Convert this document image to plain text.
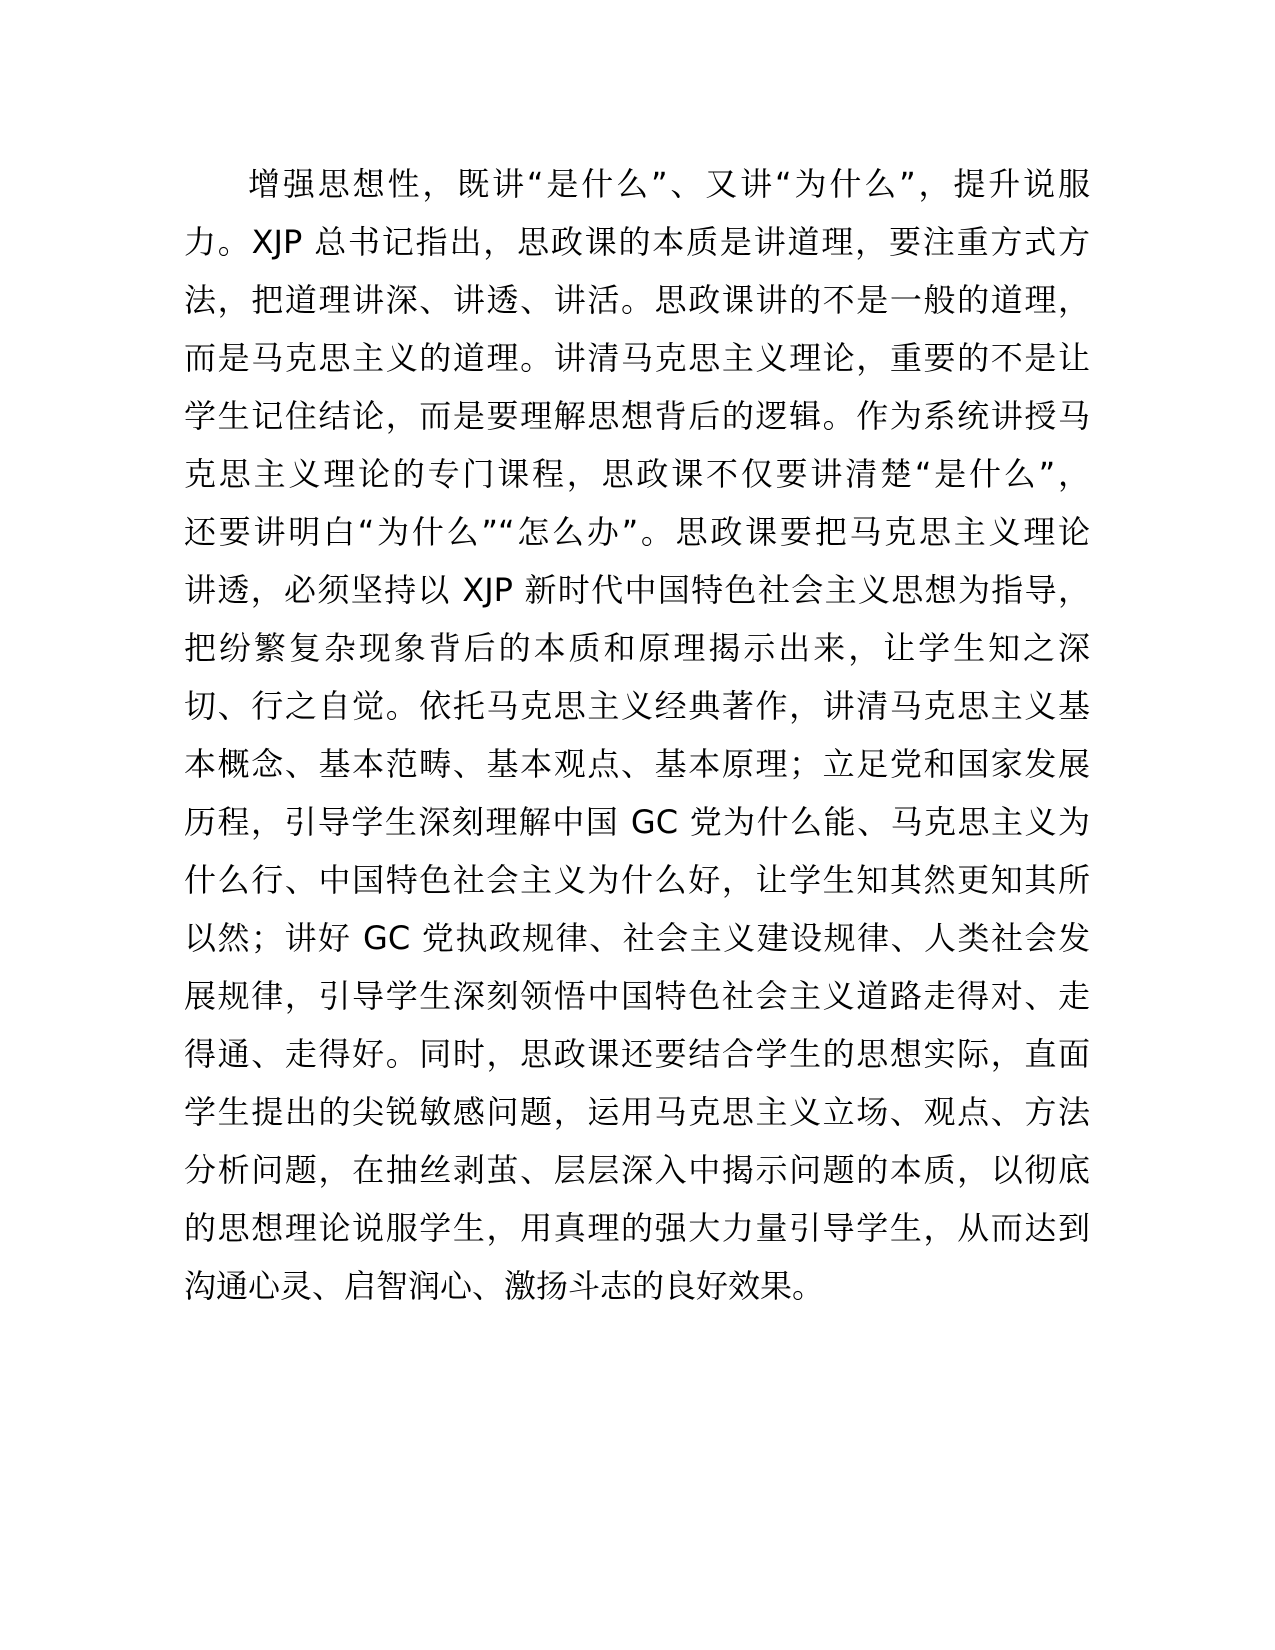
增强思想性，既讲“是什么”、又讲“为什么”，提升说服
力。XJP 总书记指出，思政课的本质是讲道理，要注重方式方
法，把道理讲深、讲透、讲活。思政课讲的不是一般的道理，
而是马克思主义的道理。讲清马克思主义理论，重要的不是让
学生记住结论，而是要理解思想背后的逻辑。作为系统讲授马
克思主义理论的专门课程，思政课不仅要讲清楚“是什么”，
还要讲明白“为什么”“怎么办”。思政课要把马克思主义理论
讲透，必须坚持以 XJP 新时代中国特色社会主义思想为指导，
把纷繁复杂现象背后的本质和原理揭示出来，让学生知之深
切、行之自觉。依托马克思主义经典著作，讲清马克思主义基
本概念、基本范畴、基本观点、基本原理；立足党和国家发展
历程，引导学生深刻理解中国 GC 党为什么能、马克思主义为
什么行、中国特色社会主义为什么好，让学生知其然更知其所
以然；讲好 GC 党执政规律、社会主义建设规律、人类社会发
展规律，引导学生深刻领悟中国特色社会主义道路走得对、走
得通、走得好。同时，思政课还要结合学生的思想实际，直面
学生提出的尖锐敏感问题，运用马克思主义立场、观点、方法
分析问题，在抽丝剥茧、层层深入中揭示问题的本质，以彻底
的思想理论说服学生，用真理的强大力量引导学生，从而达到
沟通心灵、启智润心、激扬斗志的良好效果。
